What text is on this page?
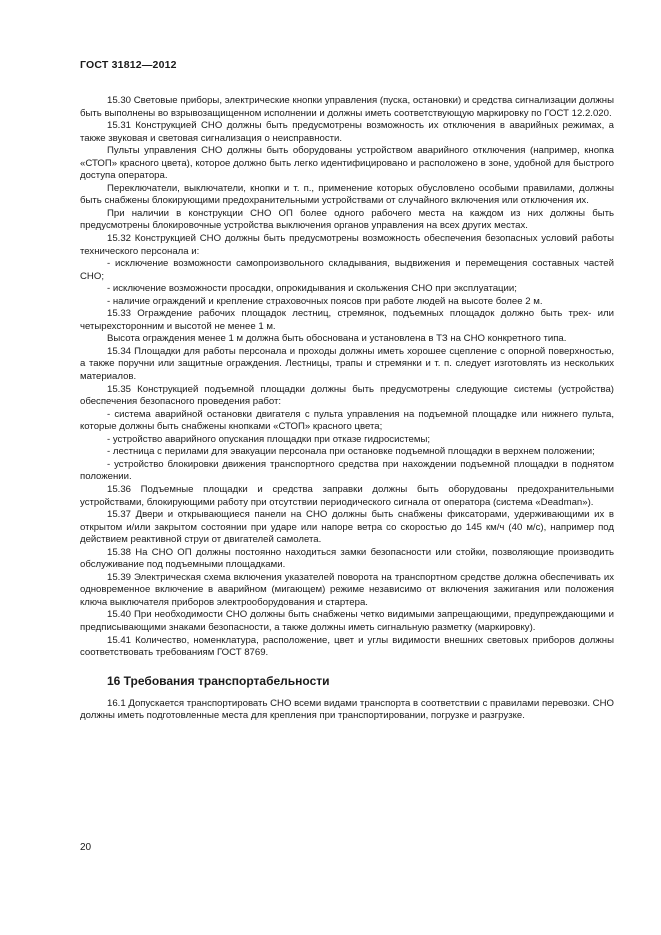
ГОСТ 31812—2012

15.30 Световые приборы, электрические кнопки управления (пуска, остановки) и средства сигнализации должны быть выполнены во взрывозащищенном исполнении и должны иметь соответствующую маркировку по ГОСТ 12.2.020.

15.31 Конструкцией СНО должны быть предусмотрены возможность их отключения в аварийных режимах, а также звуковая и световая сигнализация о неисправности.

Пульты управления СНО должны быть оборудованы устройством аварийного отключения (например, кнопка «СТОП» красного цвета), которое должно быть легко идентифицировано и расположено в зоне, удобной для быстрого доступа оператора.

Переключатели, выключатели, кнопки и т. п., применение которых обусловлено особыми правилами, должны быть снабжены блокирующими предохранительными устройствами от случайного включения или отключения их.

При наличии в конструкции СНО ОП более одного рабочего места на каждом из них должны быть предусмотрены блокировочные устройства выключения органов управления на всех других местах.

15.32 Конструкцией СНО должны быть предусмотрены возможность обеспечения безопасных условий работы технического персонала и:

- исключение возможности самопроизвольного складывания, выдвижения и перемещения составных частей СНО;

- исключение возможности просадки, опрокидывания и скольжения СНО при эксплуатации;

- наличие ограждений и крепление страховочных поясов при работе людей на высоте более 2 м.

15.33 Ограждение рабочих площадок лестниц, стремянок, подъемных площадок должно быть трех- или четырехсторонним и высотой не менее 1 м.

Высота ограждения менее 1 м должна быть обоснована и установлена в ТЗ на СНО конкретного типа.

15.34 Площадки для работы персонала и проходы должны иметь хорошее сцепление с опорной поверхностью, а также поручни или защитные ограждения. Лестницы, трапы и стремянки и т. п. следует изготовлять из нескольких материалов.

15.35 Конструкцией подъемной площадки должны быть предусмотрены следующие системы (устройства) обеспечения безопасного проведения работ:

- система аварийной остановки двигателя с пульта управления на подъемной площадке или нижнего пульта, которые должны быть снабжены кнопками «СТОП» красного цвета;

- устройство аварийного опускания площадки при отказе гидросистемы;

- лестница с перилами для эвакуации персонала при остановке подъемной площадки в верхнем положении;

- устройство блокировки движения транспортного средства при нахождении подъемной площадки в поднятом положении.

15.36 Подъемные площадки и средства заправки должны быть оборудованы предохранительными устройствами, блокирующими работу при отсутствии периодического сигнала от оператора (система «Deadman»).

15.37 Двери и открывающиеся панели на СНО должны быть снабжены фиксаторами, удерживающими их в открытом и/или закрытом состоянии при ударе или напоре ветра со скоростью до 145 км/ч (40 м/с), например под действием реактивной струи от двигателей самолета.

15.38 На СНО ОП должны постоянно находиться замки безопасности или стойки, позволяющие производить обслуживание под подъемными площадками.

15.39 Электрическая схема включения указателей поворота на транспортном средстве должна обеспечивать их одновременное включение в аварийном (мигающем) режиме независимо от включения зажигания или положения ключа выключателя приборов электрооборудования и стартера.

15.40 При необходимости СНО должны быть снабжены четко видимыми запрещающими, предупреждающими и предписывающими знаками безопасности, а также должны иметь сигнальную разметку (маркировку).

15.41 Количество, номенклатура, расположение, цвет и углы видимости внешних световых приборов должны соответствовать требованиям ГОСТ 8769.

16 Требования транспортабельности

16.1 Допускается транспортировать СНО всеми видами транспорта в соответствии с правилами перевозки. СНО должны иметь подготовленные места для крепления при транспортировании, погрузке и разгрузке.

20
